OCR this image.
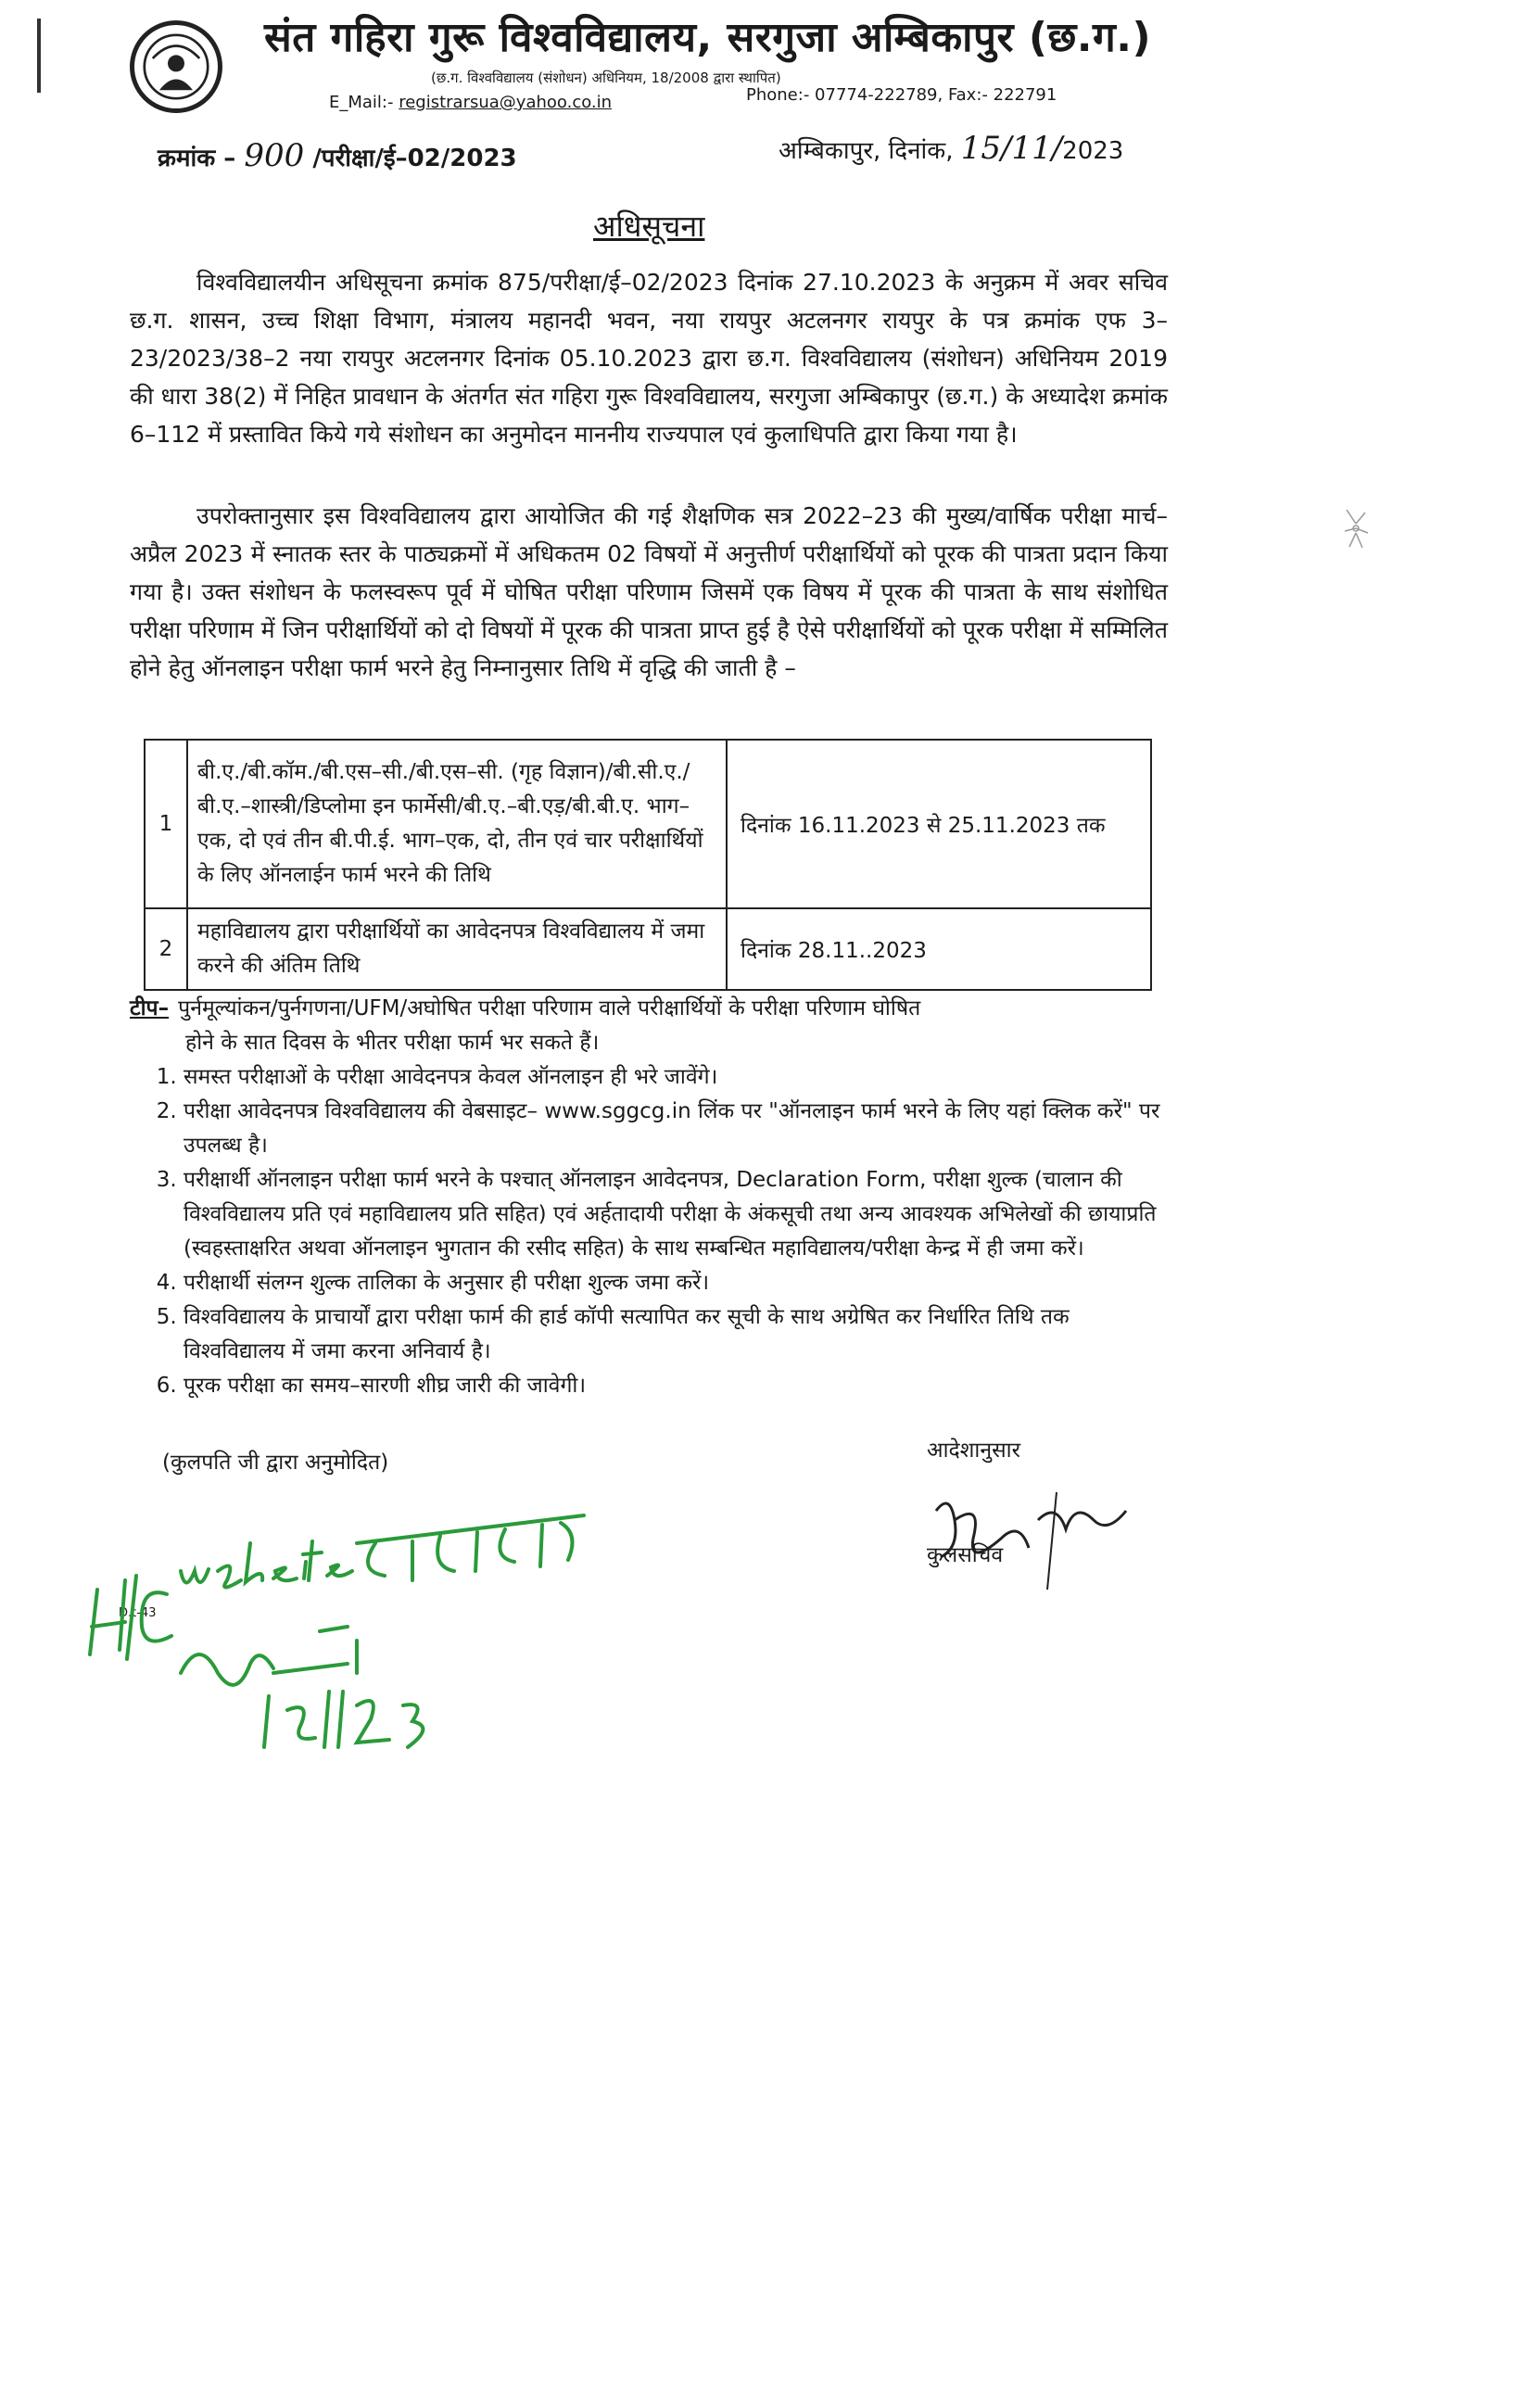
संत गहिरा गुरू विश्वविद्यालय, सरगुजा अम्बिकापुर (छ.ग.)
(छ.ग. विश्वविद्यालय (संशोधन) अधिनियम, 18/2008 द्वारा स्थापित)
E_Mail:- registrarsua@yahoo.co.in	Phone:- 07774-222789, Fax:- 222791
क्रमांक – 900 /परीक्षा/ई–02/2023	अम्बिकापुर, दिनांक, 15/11/2023
अधिसूचना
विश्वविद्यालयीन अधिसूचना क्रमांक 875/परीक्षा/ई–02/2023 दिनांक 27.10.2023 के अनुक्रम में अवर सचिव छ.ग. शासन, उच्च शिक्षा विभाग, मंत्रालय महानदी भवन, नया रायपुर अटलनगर रायपुर के पत्र क्रमांक एफ 3–23/2023/38–2 नया रायपुर अटलनगर दिनांक 05.10.2023 द्वारा छ.ग. विश्वविद्यालय (संशोधन) अधिनियम 2019 की धारा 38(2) में निहित प्रावधान के अंतर्गत संत गहिरा गुरू विश्वविद्यालय, सरगुजा अम्बिकापुर (छ.ग.) के अध्यादेश क्रमांक 6–112 में प्रस्तावित किये गये संशोधन का अनुमोदन माननीय राज्यपाल एवं कुलाधिपति द्वारा किया गया है।
उपरोक्तानुसार इस विश्वविद्यालय द्वारा आयोजित की गई शैक्षणिक सत्र 2022–23 की मुख्य/वार्षिक परीक्षा मार्च–अप्रैल 2023 में स्नातक स्तर के पाठ्यक्रमों में अधिकतम 02 विषयों में अनुत्तीर्ण परीक्षार्थियों को पूरक की पात्रता प्रदान किया गया है। उक्त संशोधन के फलस्वरूप पूर्व में घोषित परीक्षा परिणाम जिसमें एक विषय में पूरक की पात्रता के साथ संशोधित परीक्षा परिणाम में जिन परीक्षार्थियों को दो विषयों में पूरक की पात्रता प्राप्त हुई है ऐसे परीक्षार्थियों को पूरक परीक्षा में सम्मिलित होने हेतु ऑनलाइन परीक्षा फार्म भरने हेतु निम्नानुसार तिथि में वृद्धि की जाती है –
1	बी.ए./बी.कॉम./बी.एस–सी./बी.एस–सी. (गृह विज्ञान)/बी.सी.ए./बी.ए.–शास्त्री/डिप्लोमा इन फार्मेसी/बी.ए.–बी.एड़/बी.बी.ए. भाग–एक, दो एवं तीन बी.पी.ई. भाग–एक, दो, तीन एवं चार परीक्षार्थियों के लिए ऑनलाईन फार्म भरने की तिथि	दिनांक 16.11.2023 से 25.11.2023 तक
2	महाविद्यालय द्वारा परीक्षार्थियों का आवेदनपत्र विश्वविद्यालय में जमा करने की अंतिम तिथि	दिनांक 28.11..2023
टीप– पुर्नमूल्यांकन/पुर्नगणना/UFM/अघोषित परीक्षा परिणाम वाले परीक्षार्थियों के परीक्षा परिणाम घोषित
होने के सात दिवस के भीतर परीक्षा फार्म भर सकते हैं।
1. समस्त परीक्षाओं के परीक्षा आवेदनपत्र केवल ऑनलाइन ही भरे जावेंगे।
2. परीक्षा आवेदनपत्र विश्वविद्यालय की वेबसाइट– www.sggcg.in लिंक पर "ऑनलाइन फार्म भरने के लिए यहां क्लिक करें" पर उपलब्ध है।
3. परीक्षार्थी ऑनलाइन परीक्षा फार्म भरने के पश्चात् ऑनलाइन आवेदनपत्र, Declaration Form, परीक्षा शुल्क (चालान की विश्वविद्यालय प्रति एवं महाविद्यालय प्रति सहित) एवं अर्हतादायी परीक्षा के अंकसूची तथा अन्य आवश्यक अभिलेखों की छायाप्रति (स्वहस्ताक्षरित अथवा ऑनलाइन भुगतान की रसीद सहित) के साथ सम्बन्धित महाविद्यालय/परीक्षा केन्द्र में ही जमा करें।
4. परीक्षार्थी संलग्न शुल्क तालिका के अनुसार ही परीक्षा शुल्क जमा करें।
5. विश्वविद्यालय के प्राचार्यों द्वारा परीक्षा फार्म की हार्ड कॉपी सत्यापित कर सूची के साथ अग्रेषित कर निर्धारित तिथि तक विश्वविद्यालय में जमा करना अनिवार्य है।
6. पूरक परीक्षा का समय–सारणी शीघ्र जारी की जावेगी।
(कुलपति जी द्वारा अनुमोदित)	आदेशानुसार
कुलसचिव
D.t-43
